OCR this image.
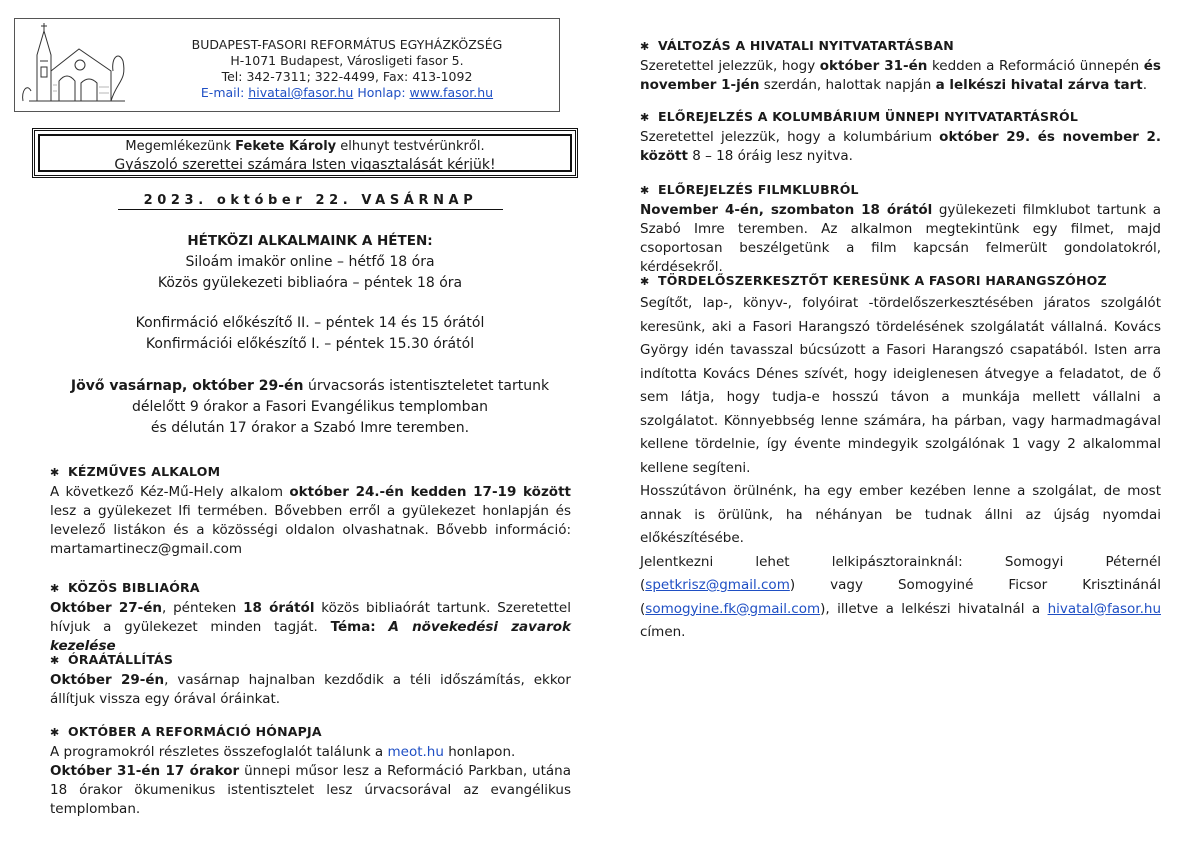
BUDAPEST-FASORI REFORMÁTUS EGYHÁZKÖZSÉG
H-1071 Budapest, Városligeti fasor 5.
Tel: 342-7311; 322-4499, Fax: 413-1092
E-mail: hivatal@fasor.hu Honlap: www.fasor.hu
Megemlékezünk Fekete Károly elhunyt testvérünkről.
Gyászoló szerettei számára Isten vigasztalását kérjük!
2023. október 22. VASÁRNAP
HÉTKÖZI ALKALMAINK A HÉTEN:
Siloám imakör online – hétfő 18 óra
Közös gyülekezeti bibliaóra – péntek 18 óra
Konfirmáció előkészítő II. – péntek 14 és 15 órától
Konfirmációi előkészítő I. – péntek 15.30 órától
Jövő vasárnap, október 29-én úrvacsorás istentiszteletet tartunk
délelőtt 9 órakor a Fasori Evangélikus templomban
és délután 17 órakor a Szabó Imre teremben.
✱ KÉZMŰVES ALKALOM

A következő Kéz-Mű-Hely alkalom október 24.-én kedden 17-19 között lesz a gyülekezet Ifi termében. Bővebben erről a gyülekezet honlapján és levelező listákon és a közösségi oldalon olvashatnak. Bővebb információ: martamartinecz@gmail.com

✱ KÖZÖS BIBLIAÓRA

Október 27-én, pénteken 18 órától közös bibliaórát tartunk. Szeretettel hívjuk a gyülekezet minden tagját. Téma: A növekedési zavarok kezelése

✱ ÓRAÁTÁLLÍTÁS

Október 29-én, vasárnap hajnalban kezdődik a téli időszámítás, ekkor állítjuk vissza egy órával óráinkat.

✱ OKTÓBER A REFORMÁCIÓ HÓNAPJA

A programokról részletes összefoglalót találunk a meot.hu honlapon.
Október 31-én 17 órakor ünnepi műsor lesz a Reformáció Parkban, utána 18 órakor ökumenikus istentisztelet lesz úrvacsorával az evangélikus templomban.

✱ VÁLTOZÁS A HIVATALI NYITVATARTÁSBAN

Szeretettel jelezzük, hogy október 31-én kedden a Reformáció ünnepén és november 1-jén szerdán, halottak napján a lelkészi hivatal zárva tart.

✱ ELŐREJELZÉS A KOLUMBÁRIUM ÜNNEPI NYITVATARTÁSRÓL

Szeretettel jelezzük, hogy a kolumbárium október 29. és november 2. között 8 – 18 óráig lesz nyitva.

✱ ELŐREJELZÉS FILMKLUBRÓL

November 4-én, szombaton 18 órától gyülekezeti filmklubot tartunk a Szabó Imre teremben. Az alkalmon megtekintünk egy filmet, majd csoportosan beszélgetünk a film kapcsán felmerült gondolatokról, kérdésekről.

✱ TÖRDELŐSZERKESZTŐT KERESÜNK A FASORI HARANGSZÓHOZ

Segítőt, lap-, könyv-, folyóirat -tördelőszerkesztésében járatos szolgálót keresünk, aki a Fasori Harangszó tördelésének szolgálatát vállalná. Kovács György idén tavasszal búcsúzott a Fasori Harangszó csapatából. Isten arra indította Kovács Dénes szívét, hogy ideiglenesen átvegye a feladatot, de ő sem látja, hogy tudja-e hosszú távon a munkája mellett vállalni a szolgálatot. Könnyebbség lenne számára, ha párban, vagy harmadmagával kellene tördelnie, így évente mindegyik szolgálónak 1 vagy 2 alkalommal kellene segíteni.

Hosszútávon örülnénk, ha egy ember kezében lenne a szolgálat, de most annak is örülünk, ha néhányan be tudnak állni az újság nyomdai előkészítésébe.

Jelentkezni lehet lelkipásztorainknál: Somogyi Péternél (spetkrisz@gmail.com) vagy Somogyiné Ficsor Krisztinánál (somogyine.fk@gmail.com), illetve a lelkészi hivatalnál a hivatal@fasor.hu címen.
